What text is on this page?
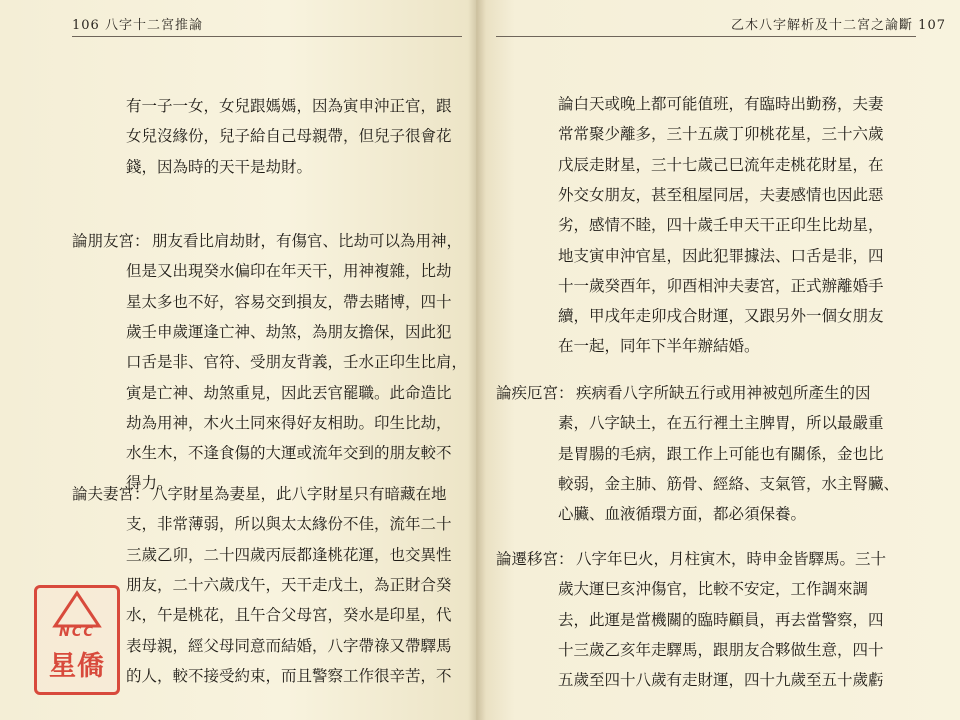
106 八字十二宮推論
有一子一女，女兒跟媽媽，因為寅申沖正官，跟
女兒沒緣份，兒子給自己母親帶，但兒子很會花
錢，因為時的天干是劫財。
論朋友宮： 朋友看比肩劫財，有傷官、比劫可以為用神，
但是又出現癸水偏印在年天干，用神複雜，比劫
星太多也不好，容易交到損友，帶去賭博，四十
歲壬申歲運逢亡神、劫煞，為朋友擔保，因此犯
口舌是非、官符、受朋友背義，壬水正印生比肩，
寅是亡神、劫煞重見，因此丟官罷職。此命造比
劫為用神，木火土同來得好友相助。印生比劫，
水生木，不逢食傷的大運或流年交到的朋友較不
得力。
論夫妻宮： 八字財星為妻星，此八字財星只有暗藏在地
支，非常薄弱，所以與太太緣份不佳，流年二十
三歲乙卯，二十四歲丙辰都逢桃花運，也交異性
朋友，二十六歲戊午，天干走戊土，為正財合癸
水，午是桃花，且午合父母宮，癸水是印星，代
表母親，經父母同意而結婚，八字帶祿又帶驛馬
的人，較不接受約束，而且警察工作很辛苦，不
乙木八字解析及十二宮之論斷 107
論白天或晚上都可能值班，有臨時出勤務，夫妻
常常聚少離多，三十五歲丁卯桃花星，三十六歲
戊辰走財星，三十七歲己巳流年走桃花財星，在
外交女朋友，甚至租屋同居，夫妻感情也因此惡
劣，感情不睦，四十歲壬申天干正印生比劫星，
地支寅申沖官星，因此犯罪據法、口舌是非，四
十一歲癸酉年，卯酉相沖夫妻宮，正式辦離婚手
續，甲戌年走卯戌合財運，又跟另外一個女朋友
在一起，同年下半年辦結婚。
論疾厄宮： 疾病看八字所缺五行或用神被剋所產生的因
素，八字缺土，在五行裡土主脾胃，所以最嚴重
是胃腸的毛病，跟工作上可能也有關係，金也比
較弱，金主肺、筋骨、經絡、支氣管，水主腎臟、
心臟、血液循環方面，都必須保養。
論遷移宮： 八字年巳火，月柱寅木，時申金皆驛馬。三十
歲大運巳亥沖傷官，比較不安定，工作調來調
去，此運是當機關的臨時顧員，再去當警察，四
十三歲乙亥年走驛馬，跟朋友合夥做生意，四十
五歲至四十八歲有走財運，四十九歲至五十歲虧
NCC
星僑
